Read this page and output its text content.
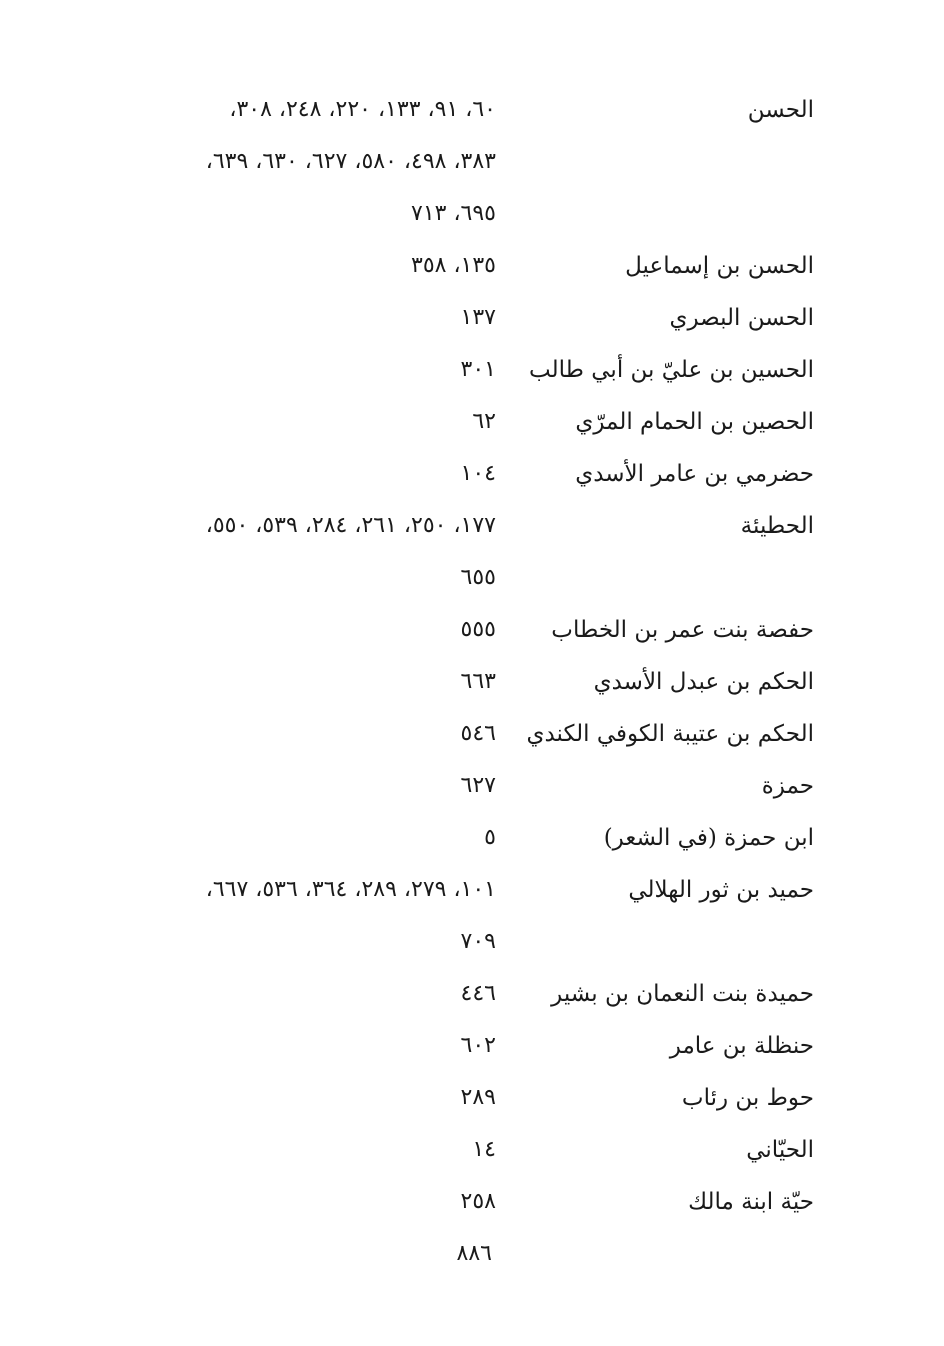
الحسن
٦٠، ٩١، ١٣٣، ٢٢٠، ٢٤٨، ٣٠٨،
٣٨٣، ٤٩٨، ٥٨٠، ٦٢٧، ٦٣٠، ٦٣٩،
٦٩٥، ٧١٣
الحسن بن إسماعيل
١٣٥، ٣٥٨
الحسن البصري
١٣٧
الحسين بن عليّ بن أبي طالب
٣٠١
الحصين بن الحمام المرّي
٦٢
حضرمي بن عامر الأسدي
١٠٤
الحطيئة
١٧٧، ٢٥٠، ٢٦١، ٢٨٤، ٥٣٩، ٥٥٠،
٦٥٥
حفصة بنت عمر بن الخطاب
٥٥٥
الحكم بن عبدل الأسدي
٦٦٣
الحكم بن عتيبة الكوفي الكندي
٥٤٦
حمزة
٦٢٧
ابن حمزة (في الشعر)
٥
حميد بن ثور الهلالي
١٠١، ٢٧٩، ٢٨٩، ٣٦٤، ٥٣٦، ٦٦٧،
٧٠٩
حميدة بنت النعمان بن بشير
٤٤٦
حنظلة بن عامر
٦٠٢
حوط بن رئاب
٢٨٩
الحيّاني
١٤
حيّة ابنة مالك
٢٥٨
٨٨٦
